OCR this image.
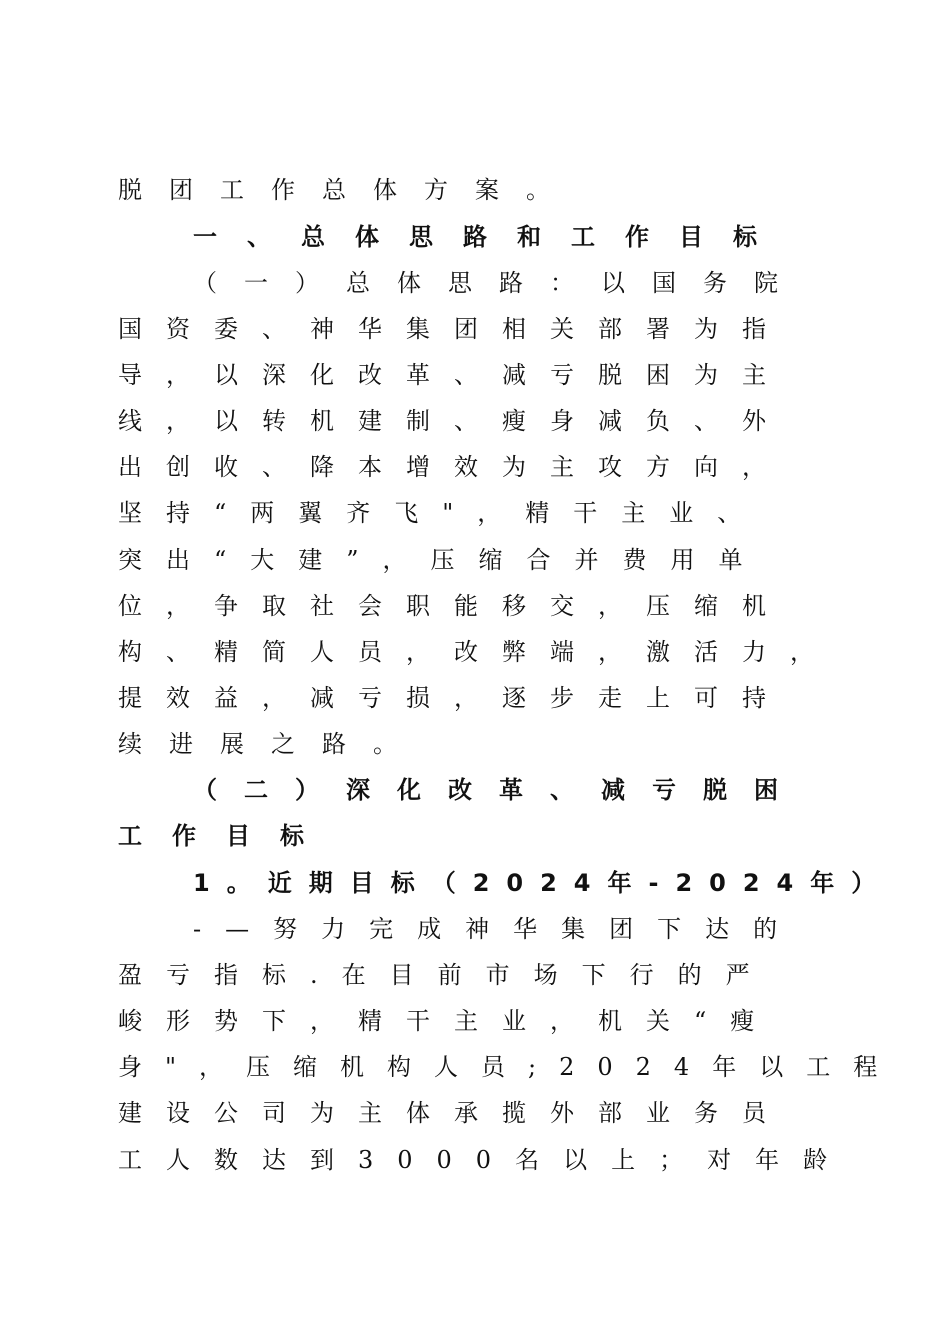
脱团工作总体方案。
一、总体思路和工作目标
（一）总体思路：以国务院
国资委、神华集团相关部署为指
导，以深化改革、减亏脱困为主
线，以转机建制、瘦身减负、外
出创收、降本增效为主攻方向，
坚持“两翼齐飞"，精干主业、
突出“大建”，压缩合并费用单
位，争取社会职能移交，压缩机
构、精简人员，改弊端，激活力，
提效益，减亏损，逐步走上可持
续进展之路。
（二）深化改革、减亏脱困
工作目标
1。近期目标（2024年-2024年）
-—努力完成神华集团下达的
盈亏指标.在目前市场下行的严
峻形势下，精干主业，机关“瘦
身"，压缩机构人员;2024年以工程
建设公司为主体承揽外部业务员
工人数达到3000名以上；对年龄
